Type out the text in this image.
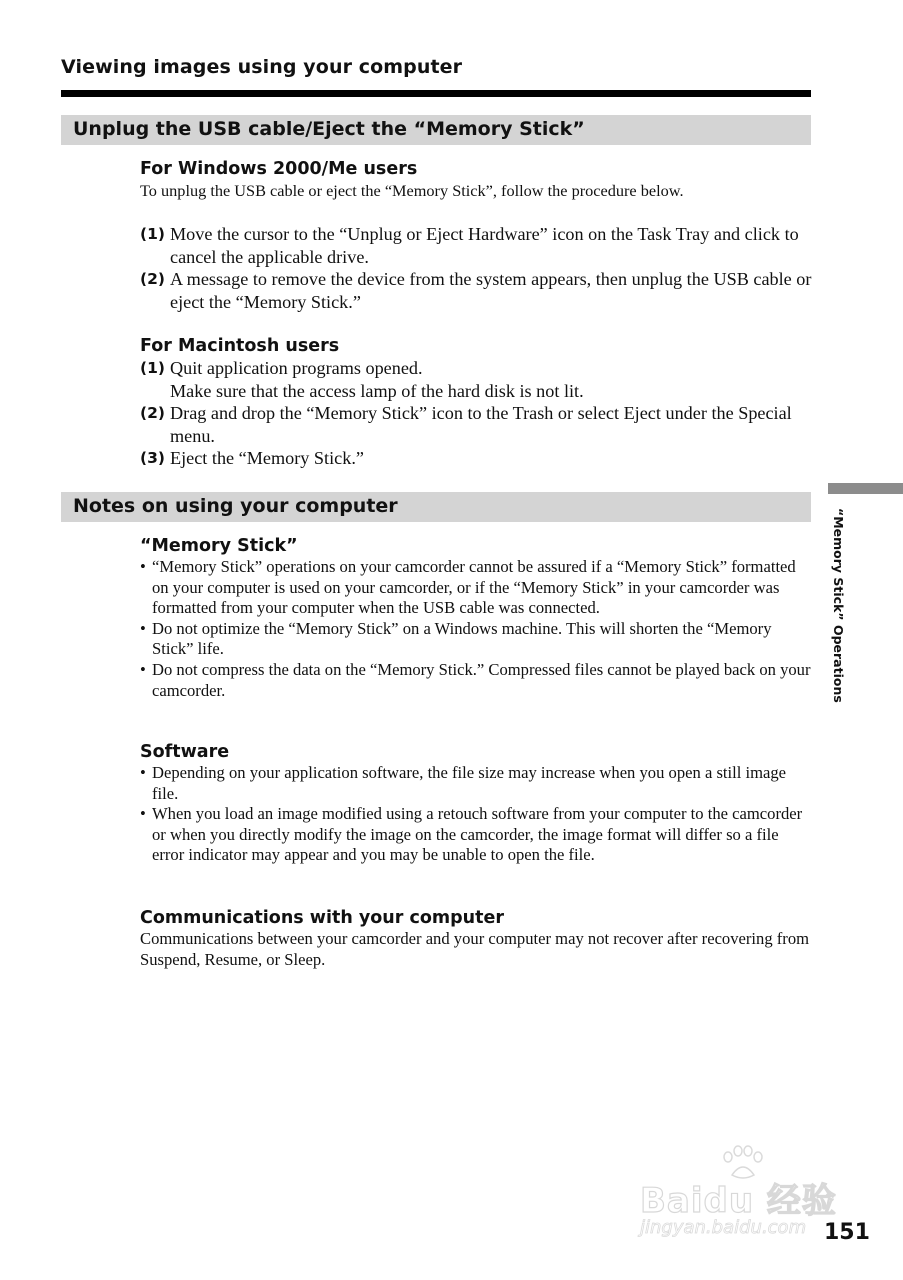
Viewing images using your computer
Unplug the USB cable/Eject the “Memory Stick”

For Windows 2000/Me users

To unplug the USB cable or eject the “Memory Stick”, follow the procedure below.

(1) Move the cursor to the “Unplug or Eject Hardware” icon on the Task Tray and click to cancel the applicable drive.
(2) A message to remove the device from the system appears, then unplug the USB cable or eject the “Memory Stick.”

For Macintosh users

(1) Quit application programs opened.
Make sure that the access lamp of the hard disk is not lit.
(2) Drag and drop the “Memory Stick” icon to the Trash or select Eject under the Special menu.
(3) Eject the “Memory Stick.”
Notes on using your computer

“Memory Stick”

• “Memory Stick” operations on your camcorder cannot be assured if a “Memory Stick” formatted on your computer is used on your camcorder, or if the “Memory Stick” in your camcorder was formatted from your computer when the USB cable was connected.
• Do not optimize the “Memory Stick” on a Windows machine. This will shorten the “Memory Stick” life.
• Do not compress the data on the “Memory Stick.” Compressed files cannot be played back on your camcorder.

Software

• Depending on your application software, the file size may increase when you open a still image file.
• When you load an image modified using a retouch software from your computer to the camcorder or when you directly modify the image on the camcorder, the image format will differ so a file error indicator may appear and you may be unable to open the file.

Communications with your computer

Communications between your camcorder and your computer may not recover after recovering from Suspend, Resume, or Sleep.

“Memory Stick” Operations
Baidu 经验
jingyan.baidu.com 151
